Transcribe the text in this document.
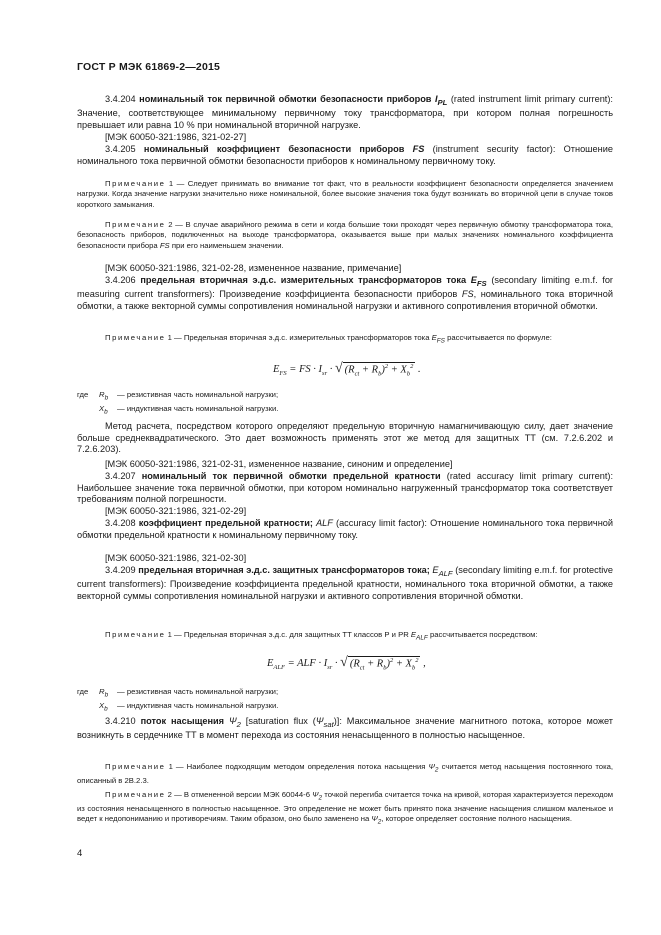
ГОСТ Р МЭК 61869-2—2015
3.4.204 номинальный ток первичной обмотки безопасности приборов $I_{PL}$ (rated instrument limit primary current): Значение, соответствующее минимальному первичному току трансформатора, при котором полная погрешность превышает или равна 10 % при номинальной вторичной нагрузке.
[МЭК 60050-321:1986, 321-02-27]
3.4.205 номинальный коэффициент безопасности приборов FS (instrument security factor): Отношение номинального тока первичной обмотки безопасности приборов к номинальному первичному току.
Примечание 1 — Следует принимать во внимание тот факт, что в реальности коэффициент безопасности определяется значением нагрузки. Когда значение нагрузки значительно ниже номинальной, более высокие значения тока будут возникать во вторичной цепи в случае токов короткого замыкания.
Примечание 2 — В случае аварийного режима в сети и когда большие токи проходят через первичную обмотку трансформатора тока, безопасность приборов, подключенных на выходе трансформатора, оказывается выше при малых значениях номинального коэффициента безопасности прибора FS при его наименьшем значении.
[МЭК 60050-321:1986, 321-02-28, измененное название, примечание]
3.4.206 предельная вторичная э.д.с. измерительных трансформаторов тока $E_{FS}$ (secondary limiting e.m.f. for measuring current transformers): Произведение коэффициента безопасности приборов FS, номинального тока вторичной обмотки, а также векторной суммы сопротивления номинальной нагрузки и активного сопротивления вторичной обмотки.
Примечание 1 — Предельная вторичная э.д.с. измерительных трансформаторов тока $E_{FS}$ рассчитывается по формуле:
$E_{FS}$ = FS · $I_{sr}$ · √ $(R_{ct} + R_b)^2 + X_b^2$ .
где $R_b$ — резистивная часть номинальной нагрузки;
$X_b$ — индуктивная часть номинальной нагрузки.
Метод расчета, посредством которого определяют предельную вторичную намагничивающую силу, дает значение больше среднеквадратического. Это дает возможность применять этот же метод для защитных ТТ (см. 7.2.6.202 и 7.2.6.203).
[МЭК 60050-321:1986, 321-02-31, измененное название, синоним и определение]
3.4.207 номинальный ток первичной обмотки предельной кратности (rated accuracy limit primary current): Наибольшее значение тока первичной обмотки, при котором номинально нагруженный трансформатор тока соответствует требованиям полной погрешности.
[МЭК 60050-321:1986, 321-02-29]
3.4.208 коэффициент предельной кратности; ALF (accuracy limit factor): Отношение номинального тока первичной обмотки предельной кратности к номинальному первичному току.
[МЭК 60050-321:1986, 321-02-30]
3.4.209 предельная вторичная э.д.с. защитных трансформаторов тока; $E_{ALF}$ (secondary limiting e.m.f. for protective current transformers): Произведение коэффициента предельной кратности, номинального тока вторичной обмотки, а также векторной суммы сопротивления номинальной нагрузки и активного сопротивления вторичной обмотки.
Примечание 1 — Предельная вторичная э.д.с. для защитных ТТ классов Р и PR $E_{ALF}$ рассчитывается посредством:
$E_{ALF}$ = ALF · $I_{sr}$ · √ $(R_{ct} + R_b)^2 + X_b^2$ ,
где $R_b$ — резистивная часть номинальной нагрузки;
$X_b$ — индуктивная часть номинальной нагрузки.
3.4.210 поток насыщения $\Psi_2$ [saturation flux $(\Psi_{sat})$]: Максимальное значение магнитного потока, которое может возникнуть в сердечнике ТТ в момент перехода из состояния ненасыщенного в полностью насыщенное.
Примечание 1 — Наиболее подходящим методом определения потока насыщения $\Psi_2$ считается метод насыщения постоянного тока, описанный в 2В.2.3.
Примечание 2 — В отмененной версии МЭК 60044-6 $\Psi_2$ точкой перегиба считается точка на кривой, которая характеризуется переходом из состояния ненасыщенного в полностью насыщенное. Это определение не может быть принято пока значение насыщения слишком маленькое и ведет к недопониманию и противоречиям. Таким образом, оно было заменено на $\Psi_2$, которое определяет состояние полного насыщения.
4
